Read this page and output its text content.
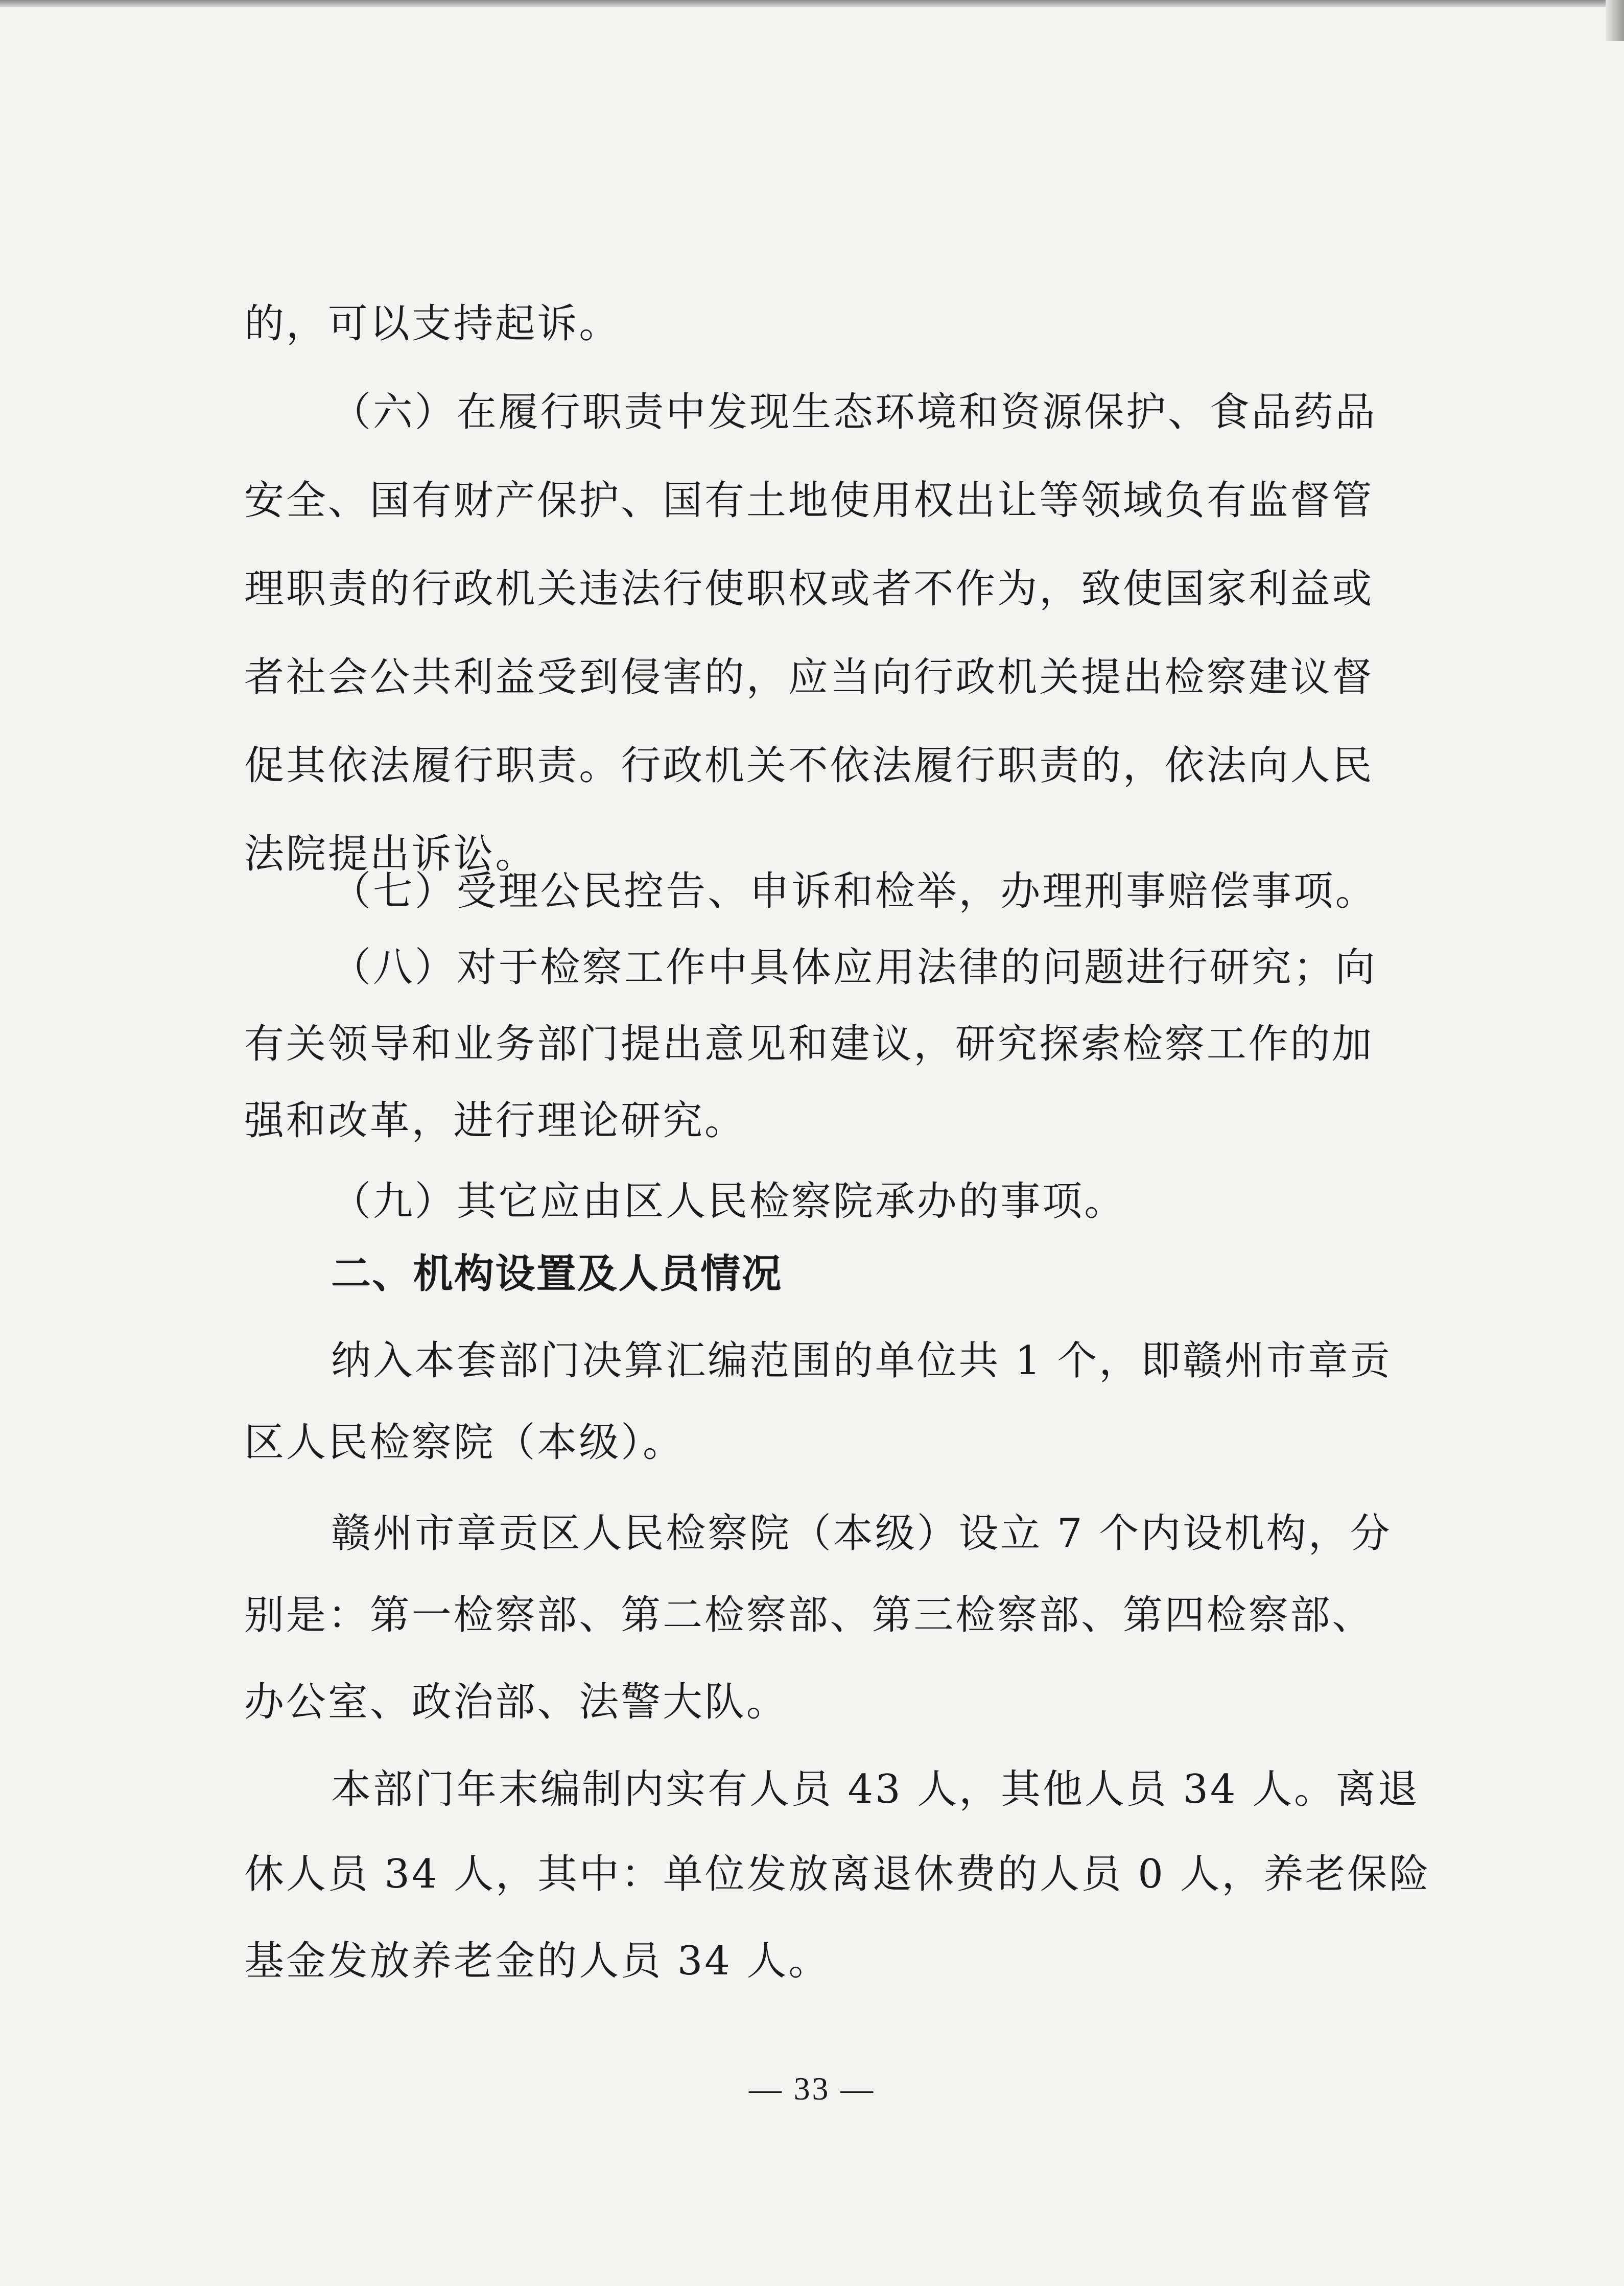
的，可以支持起诉。
（六）在履行职责中发现生态环境和资源保护、食品药品
安全、国有财产保护、国有土地使用权出让等领域负有监督管
理职责的行政机关违法行使职权或者不作为，致使国家利益或
者社会公共利益受到侵害的，应当向行政机关提出检察建议督
促其依法履行职责。行政机关不依法履行职责的，依法向人民
法院提出诉讼。
（七）受理公民控告、申诉和检举，办理刑事赔偿事项。
（八）对于检察工作中具体应用法律的问题进行研究；向
有关领导和业务部门提出意见和建议，研究探索检察工作的加
强和改革，进行理论研究。
（九）其它应由区人民检察院承办的事项。
二、机构设置及人员情况
纳入本套部门决算汇编范围的单位共 1 个，即赣州市章贡
区人民检察院（本级）。
赣州市章贡区人民检察院（本级）设立 7 个内设机构，分
别是：第一检察部、第二检察部、第三检察部、第四检察部、
办公室、政治部、法警大队。
本部门年末编制内实有人员 43 人，其他人员 34 人。离退
休人员 34 人，其中：单位发放离退休费的人员 0 人，养老保险
基金发放养老金的人员 34 人。
— 33 —
